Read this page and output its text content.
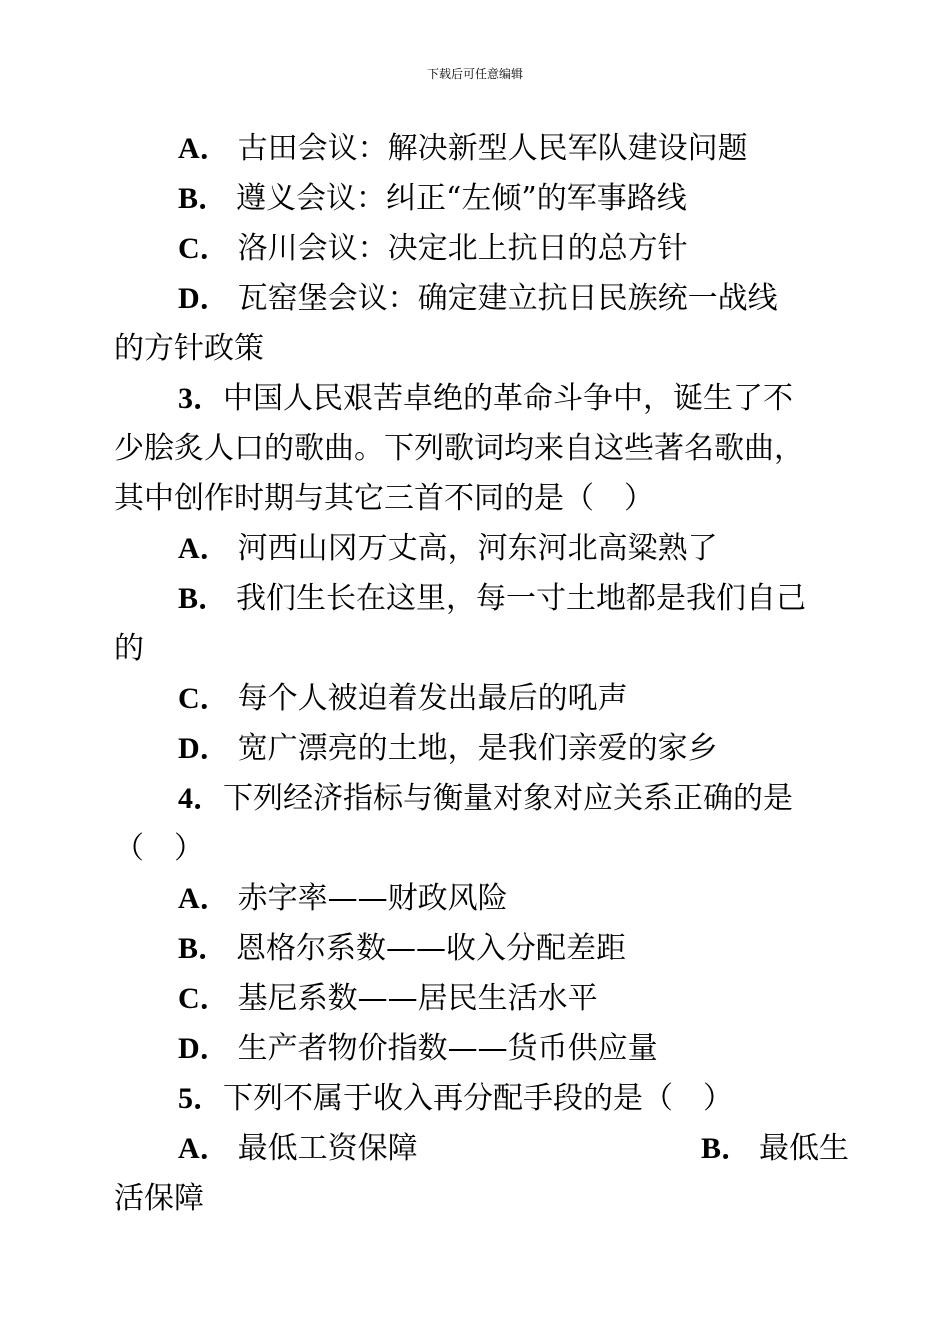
下载后可任意编辑
A． 古田会议：解决新型人民军队建设问题
B． 遵义会议：纠正“左倾”的军事路线
C． 洛川会议：决定北上抗日的总方针
D． 瓦窑堡会议：确定建立抗日民族统一战线
的方针政策
3．中国人民艰苦卓绝的革命斗争中，诞生了不
少脍炙人口的歌曲。下列歌词均来自这些著名歌曲，
其中创作时期与其它三首不同的是（　）
A． 河西山冈万丈高，河东河北高粱熟了
B． 我们生长在这里，每一寸土地都是我们自己
的
C． 每个人被迫着发出最后的吼声
D． 宽广漂亮的土地，是我们亲爱的家乡
4．下列经济指标与衡量对象对应关系正确的是
（　）
A． 赤字率——财政风险
B． 恩格尔系数——收入分配差距
C． 基尼系数——居民生活水平
D． 生产者物价指数——货币供应量
5．下列不属于收入再分配手段的是（　）
A． 最低工资保障	B． 最低生
活保障
